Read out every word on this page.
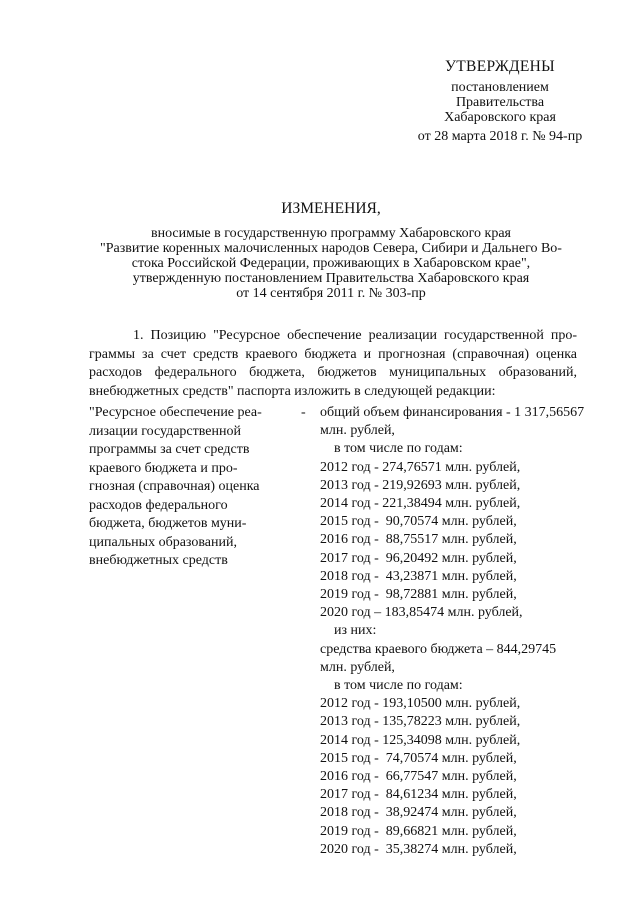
УТВЕРЖДЕНЫ
постановлением
Правительства
Хабаровского края
от 28 марта 2018 г. № 94-пр
ИЗМЕНЕНИЯ,
вносимые в государственную программу Хабаровского края
"Развитие коренных малочисленных народов Севера, Сибири и Дальнего Во-
стока Российской Федерации, проживающих в Хабаровском крае",
утвержденную постановлением Правительства Хабаровского края
от 14 сентября 2011 г. № 303-пр
1. Позицию "Ресурсное обеспечение реализации государственной про-
граммы за счет средств краевого бюджета и прогнозная (справочная) оценка
расходов федерального бюджета, бюджетов муниципальных образований,
внебюджетных средств" паспорта изложить в следующей редакции:
-
"Ресурсное обеспечение реа-
лизации государственной
программы за счет средств
краевого бюджета и про-
гнозная (справочная) оценка
расходов федерального
бюджета, бюджетов муни-
ципальных образований,
внебюджетных средств
общий объем финансирования - 1 317,56567
млн. рублей,
в том числе по годам:
2012 год - 274,76571 млн. рублей,
2013 год - 219,92693 млн. рублей,
2014 год - 221,38494 млн. рублей,
2015 год -  90,70574 млн. рублей,
2016 год -  88,75517 млн. рублей,
2017 год -  96,20492 млн. рублей,
2018 год -  43,23871 млн. рублей,
2019 год -  98,72881 млн. рублей,
2020 год – 183,85474 млн. рублей,
из них:
средства краевого бюджета – 844,29745
млн. рублей,
в том числе по годам:
2012 год - 193,10500 млн. рублей,
2013 год - 135,78223 млн. рублей,
2014 год - 125,34098 млн. рублей,
2015 год -  74,70574 млн. рублей,
2016 год -  66,77547 млн. рублей,
2017 год -  84,61234 млн. рублей,
2018 год -  38,92474 млн. рублей,
2019 год -  89,66821 млн. рублей,
2020 год -  35,38274 млн. рублей,
